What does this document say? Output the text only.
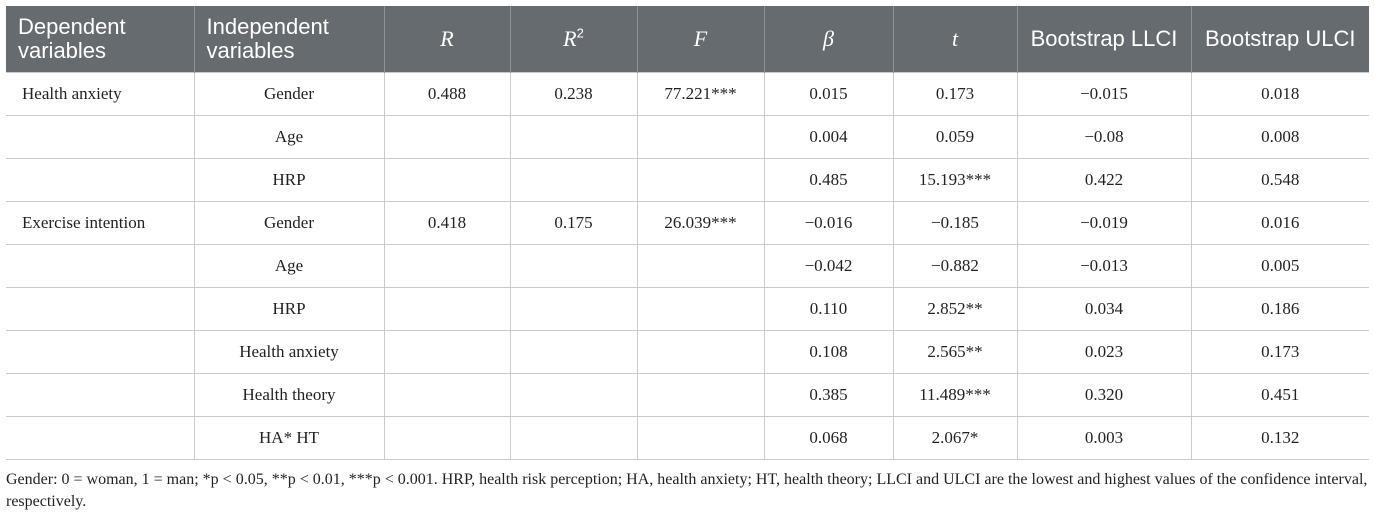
Dependent variables	Independent variables	R	$R^2$	F	β	t	Bootstrap LLCI	Bootstrap ULCI
Health anxiety	Gender	0.488	0.238	77.221***	0.015	0.173	−0.015	0.018
	Age				0.004	0.059	−0.08	0.008
	HRP				0.485	15.193***	0.422	0.548
Exercise intention	Gender	0.418	0.175	26.039***	−0.016	−0.185	−0.019	0.016
	Age				−0.042	−0.882	−0.013	0.005
	HRP				0.110	2.852**	0.034	0.186
	Health anxiety				0.108	2.565**	0.023	0.173
	Health theory				0.385	11.489***	0.320	0.451
	HA* HT				0.068	2.067*	0.003	0.132
Gender: 0 = woman, 1 = man; *p < 0.05, **p < 0.01, ***p < 0.001. HRP, health risk perception; HA, health anxiety; HT, health theory; LLCI and ULCI are the lowest and highest values of the confidence interval, respectively.
